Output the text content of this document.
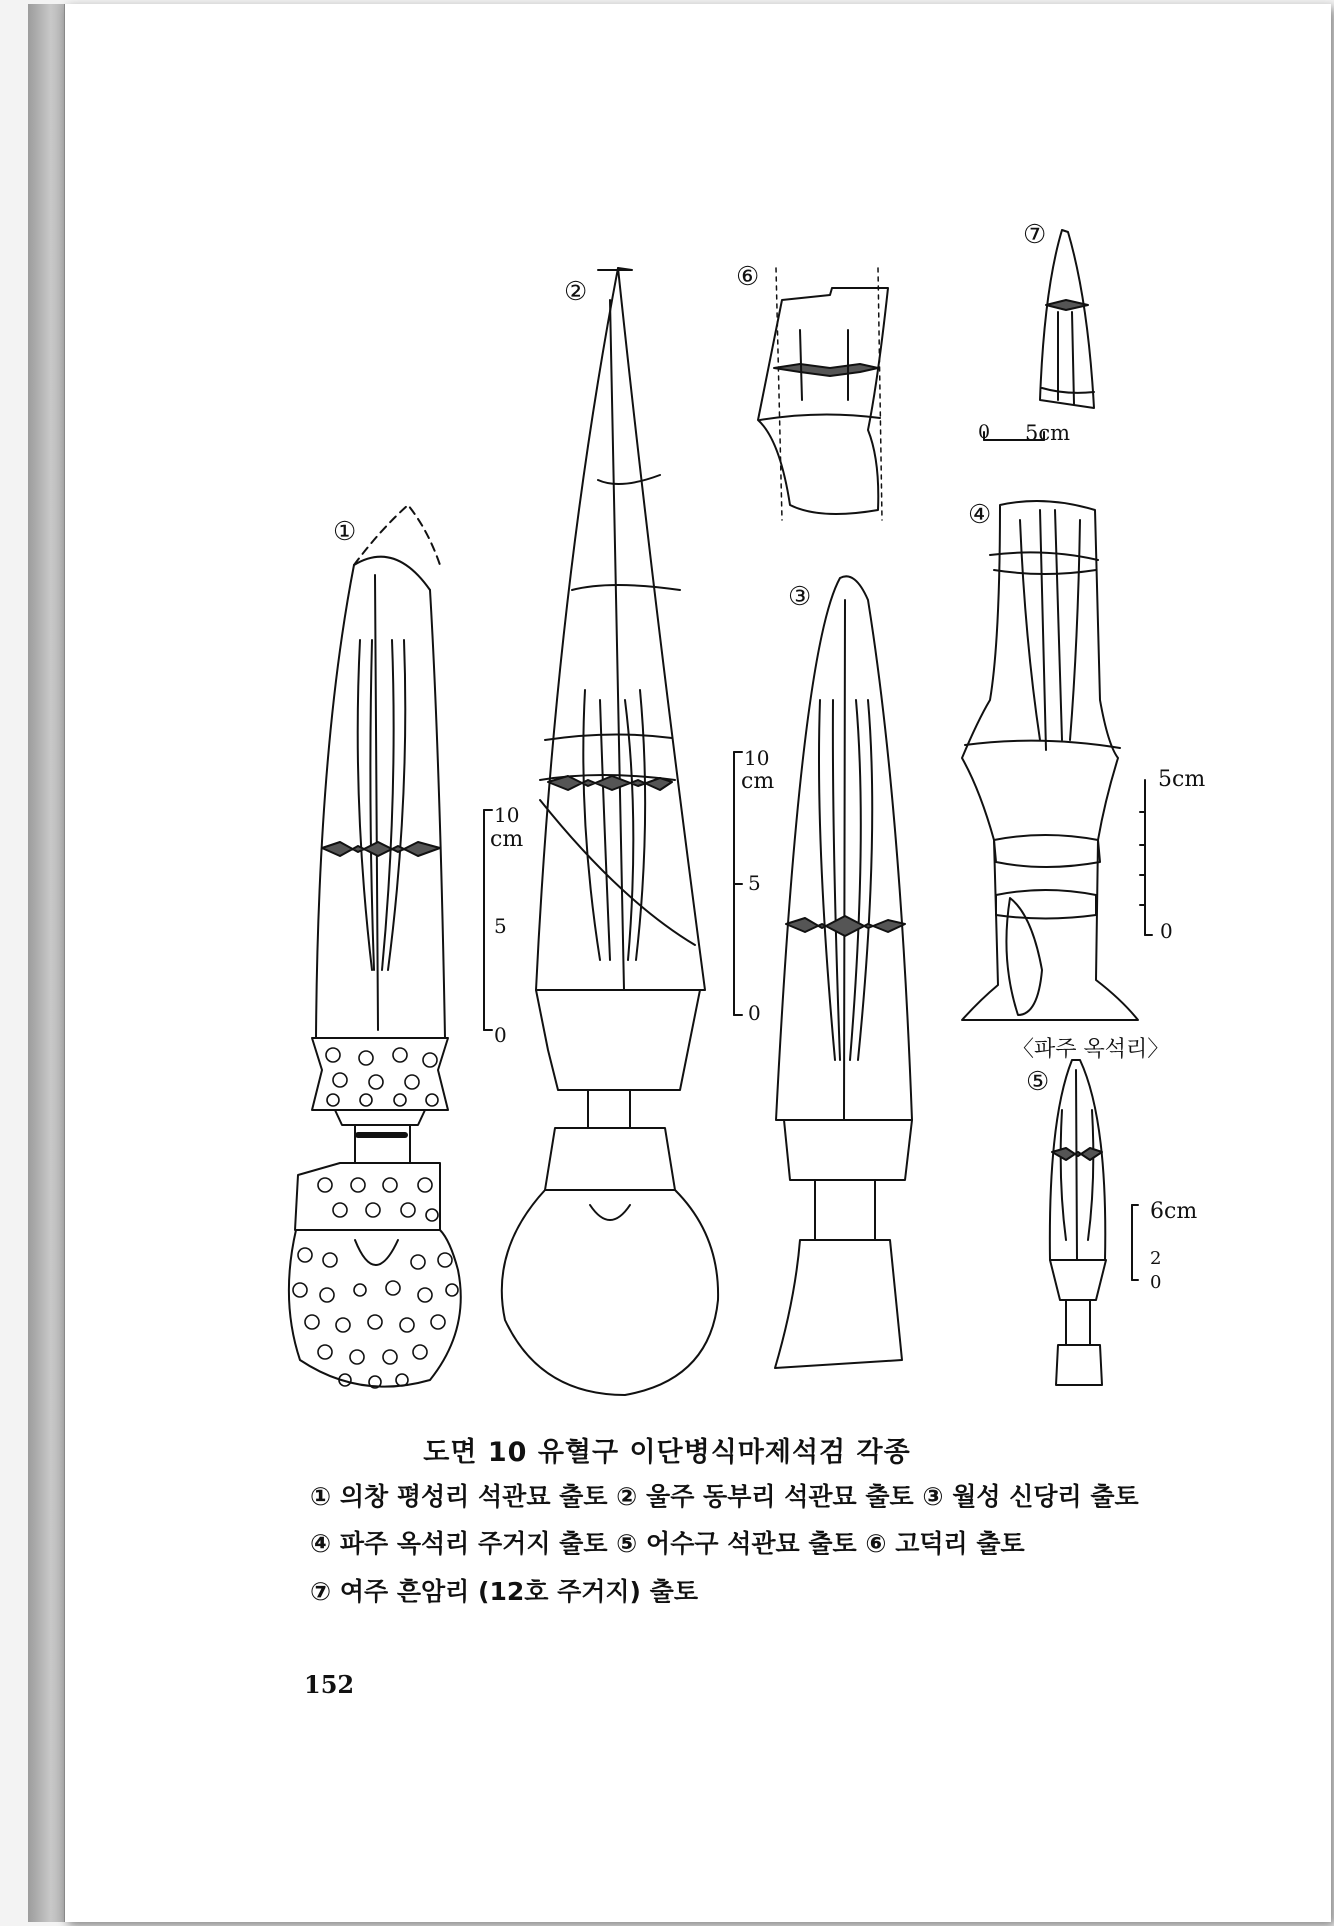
①
②
③
④
⑤
⑥
⑦
10
cm
5
0
10
cm
5
0
5cm
0
〈파주 옥석리〉
6cm
2
0
0 5cm
도면 10 유혈구 이단병식마제석검 각종
① 의창 평성리 석관묘 출토 ② 울주 동부리 석관묘 출토 ③ 월성 신당리 출토
④ 파주 옥석리 주거지 출토 ⑤ 어수구 석관묘 출토 ⑥ 고덕리 출토
⑦ 여주 흔암리 (12호 주거지) 출토
152
